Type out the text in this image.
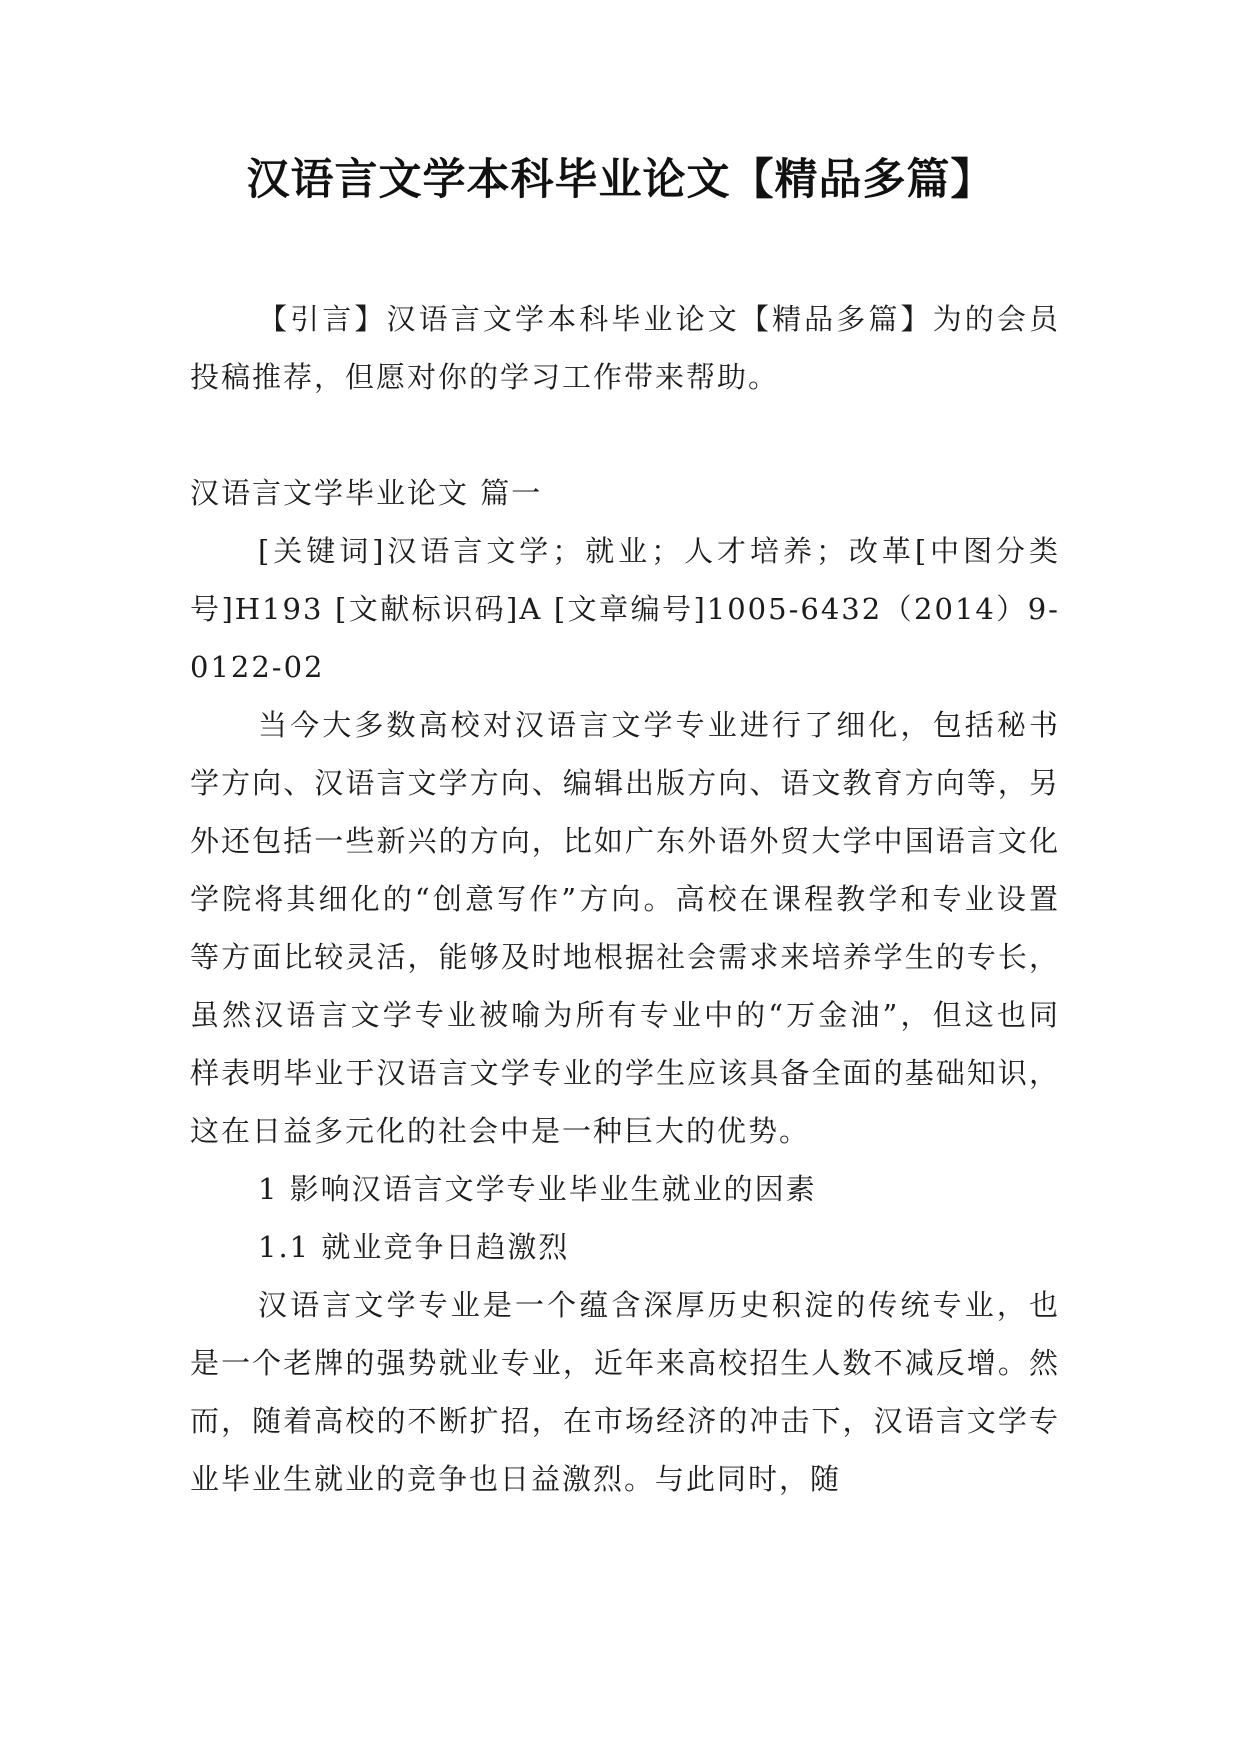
汉语言文学本科毕业论文【精品多篇】

【引言】汉语言文学本科毕业论文【精品多篇】为的会员投稿推荐，但愿对你的学习工作带来帮助。

汉语言文学毕业论文 篇一

[关键词]汉语言文学；就业；人才培养；改革[中图分类号]H193 [文献标识码]A [文章编号]1005-6432（2014）9-0122-02

当今大多数高校对汉语言文学专业进行了细化，包括秘书学方向、汉语言文学方向、编辑出版方向、语文教育方向等，另外还包括一些新兴的方向，比如广东外语外贸大学中国语言文化学院将其细化的“创意写作”方向。高校在课程教学和专业设置等方面比较灵活，能够及时地根据社会需求来培养学生的专长，虽然汉语言文学专业被喻为所有专业中的“万金油”，但这也同样表明毕业于汉语言文学专业的学生应该具备全面的基础知识，这在日益多元化的社会中是一种巨大的优势。

1 影响汉语言文学专业毕业生就业的因素

1.1 就业竞争日趋激烈

汉语言文学专业是一个蕴含深厚历史积淀的传统专业，也是一个老牌的强势就业专业，近年来高校招生人数不减反增。然而，随着高校的不断扩招，在市场经济的冲击下，汉语言文学专业毕业生就业的竞争也日益激烈。与此同时，随
